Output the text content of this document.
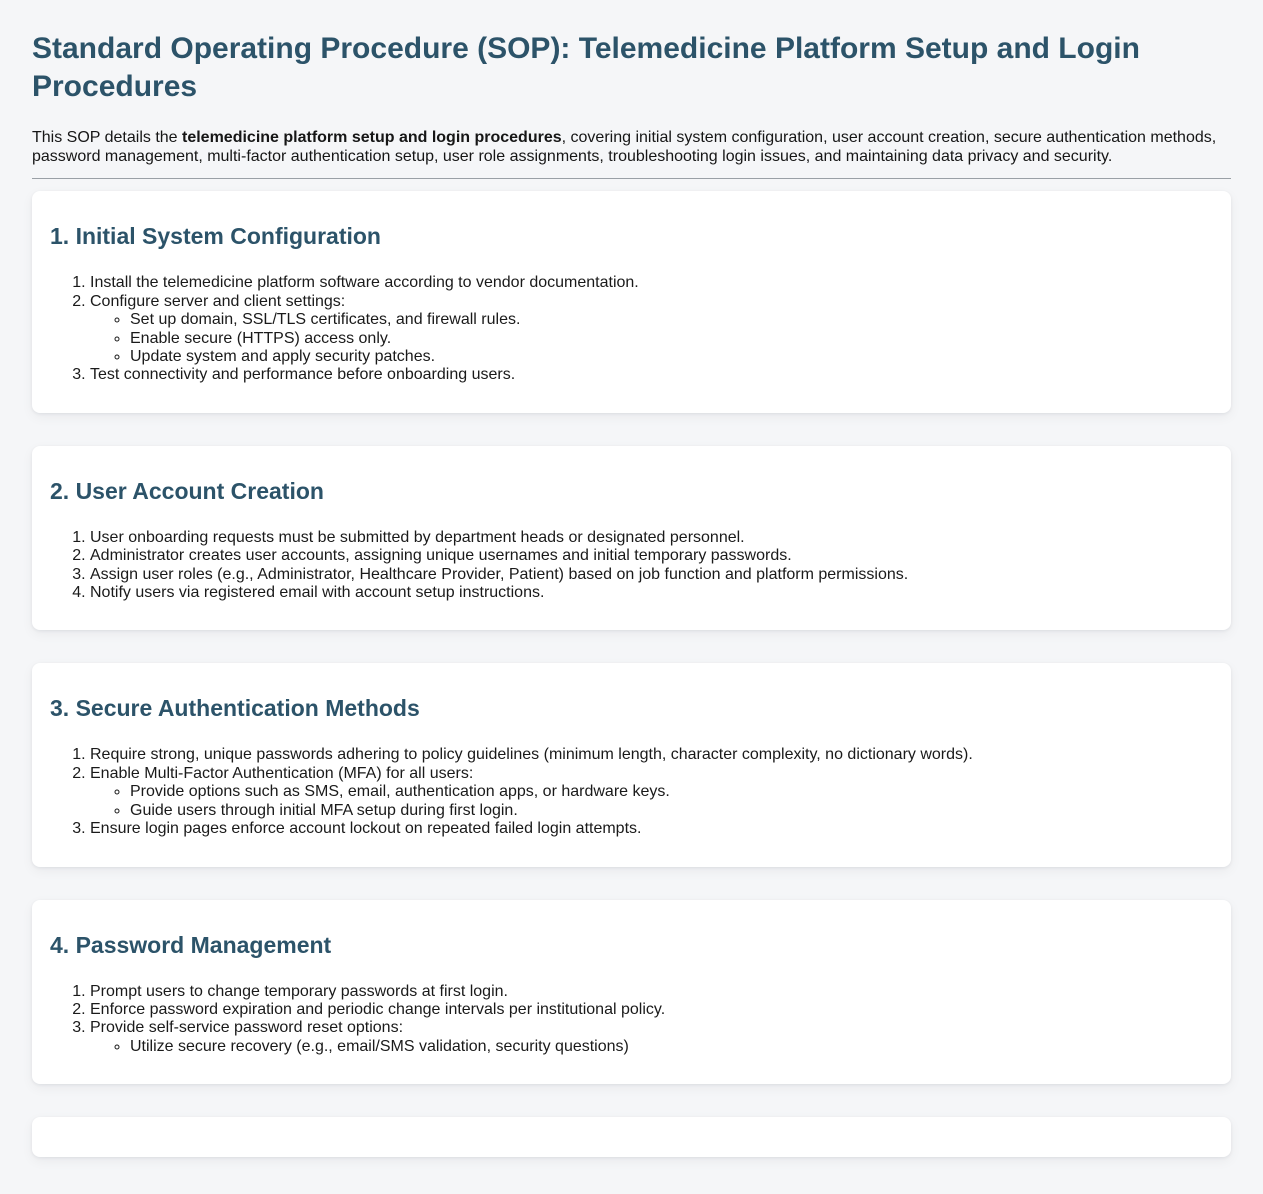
Standard Operating Procedure (SOP): Telemedicine Platform Setup and Login Procedures

This SOP details the telemedicine platform setup and login procedures, covering initial system configuration, user account creation, secure authentication methods, password management, multi-factor authentication setup, user role assignments, troubleshooting login issues, and maintaining data privacy and security.

1. Initial System Configuration
1. Install the telemedicine platform software according to vendor documentation.
2. Configure server and client settings:
◦ Set up domain, SSL/TLS certificates, and firewall rules.
◦ Enable secure (HTTPS) access only.
◦ Update system and apply security patches.
3. Test connectivity and performance before onboarding users.
2. User Account Creation
1. User onboarding requests must be submitted by department heads or designated personnel.
2. Administrator creates user accounts, assigning unique usernames and initial temporary passwords.
3. Assign user roles (e.g., Administrator, Healthcare Provider, Patient) based on job function and platform permissions.
4. Notify users via registered email with account setup instructions.
3. Secure Authentication Methods
1. Require strong, unique passwords adhering to policy guidelines (minimum length, character complexity, no dictionary words).
2. Enable Multi-Factor Authentication (MFA) for all users:
◦ Provide options such as SMS, email, authentication apps, or hardware keys.
◦ Guide users through initial MFA setup during first login.
3. Ensure login pages enforce account lockout on repeated failed login attempts.
4. Password Management
1. Prompt users to change temporary passwords at first login.
2. Enforce password expiration and periodic change intervals per institutional policy.
3. Provide self-service password reset options:
◦ Utilize secure recovery (e.g., email/SMS validation, security questions)
